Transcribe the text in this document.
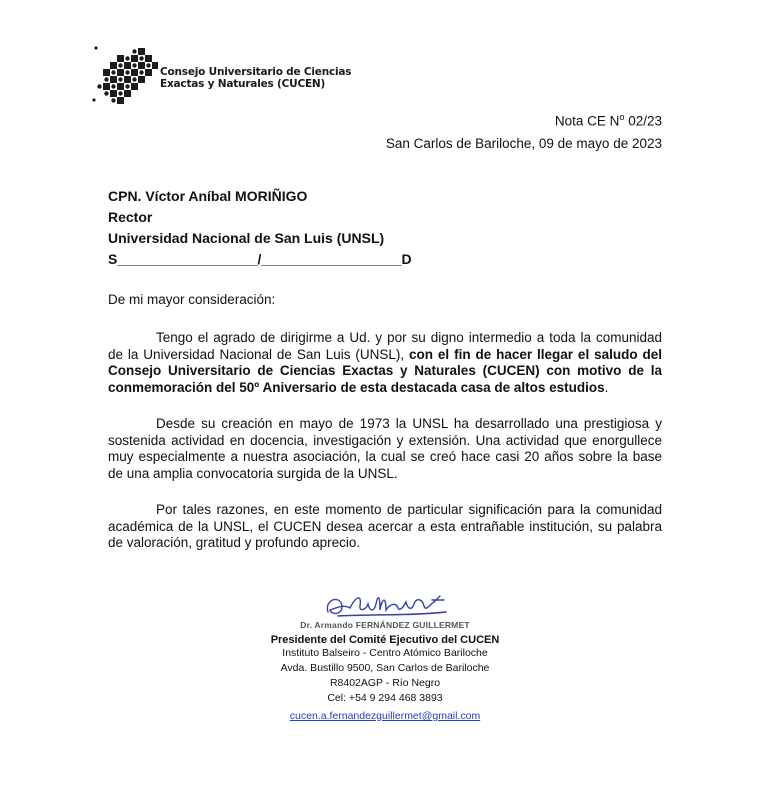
Consejo Universitario de Ciencias
Exactas y Naturales (CUCEN)
Nota CE $N^o$ 02/23
San Carlos de Bariloche, 09 de mayo de 2023
CPN. Víctor Aníbal MORIÑIGO
Rector
Universidad Nacional de San Luis (UNSL)
S__________________/__________________D
De mi mayor consideración:

Tengo el agrado de dirigirme a Ud. y por su digno intermedio a toda la comunidad de la Universidad Nacional de San Luis (UNSL), con el fin de hacer llegar el saludo del Consejo Universitario de Ciencias Exactas y Naturales (CUCEN) con motivo de la conmemoración del 50º Aniversario de esta destacada casa de altos estudios.

Desde su creación en mayo de 1973 la UNSL ha desarrollado una prestigiosa y sostenida actividad en docencia, investigación y extensión. Una actividad que enorgullece muy especialmente a nuestra asociación, la cual se creó hace casi 20 años sobre la base de una amplia convocatoria surgida de la UNSL.

Por tales razones, en este momento de particular significación para la comunidad académica de la UNSL, el CUCEN desea acercar a esta entrañable institución, su palabra de valoración, gratitud y profundo aprecio.

Dr. Armando FERNÁNDEZ GUILLERMET
Presidente del Comité Ejecutivo del CUCEN
Instituto Balseiro - Centro Atómico Bariloche
Avda. Bustillo 9500, San Carlos de Bariloche
R8402AGP - Río Negro
Cel: +54 9 294 468 3893
cucen.a.fernandezguillermet@gmail.com
